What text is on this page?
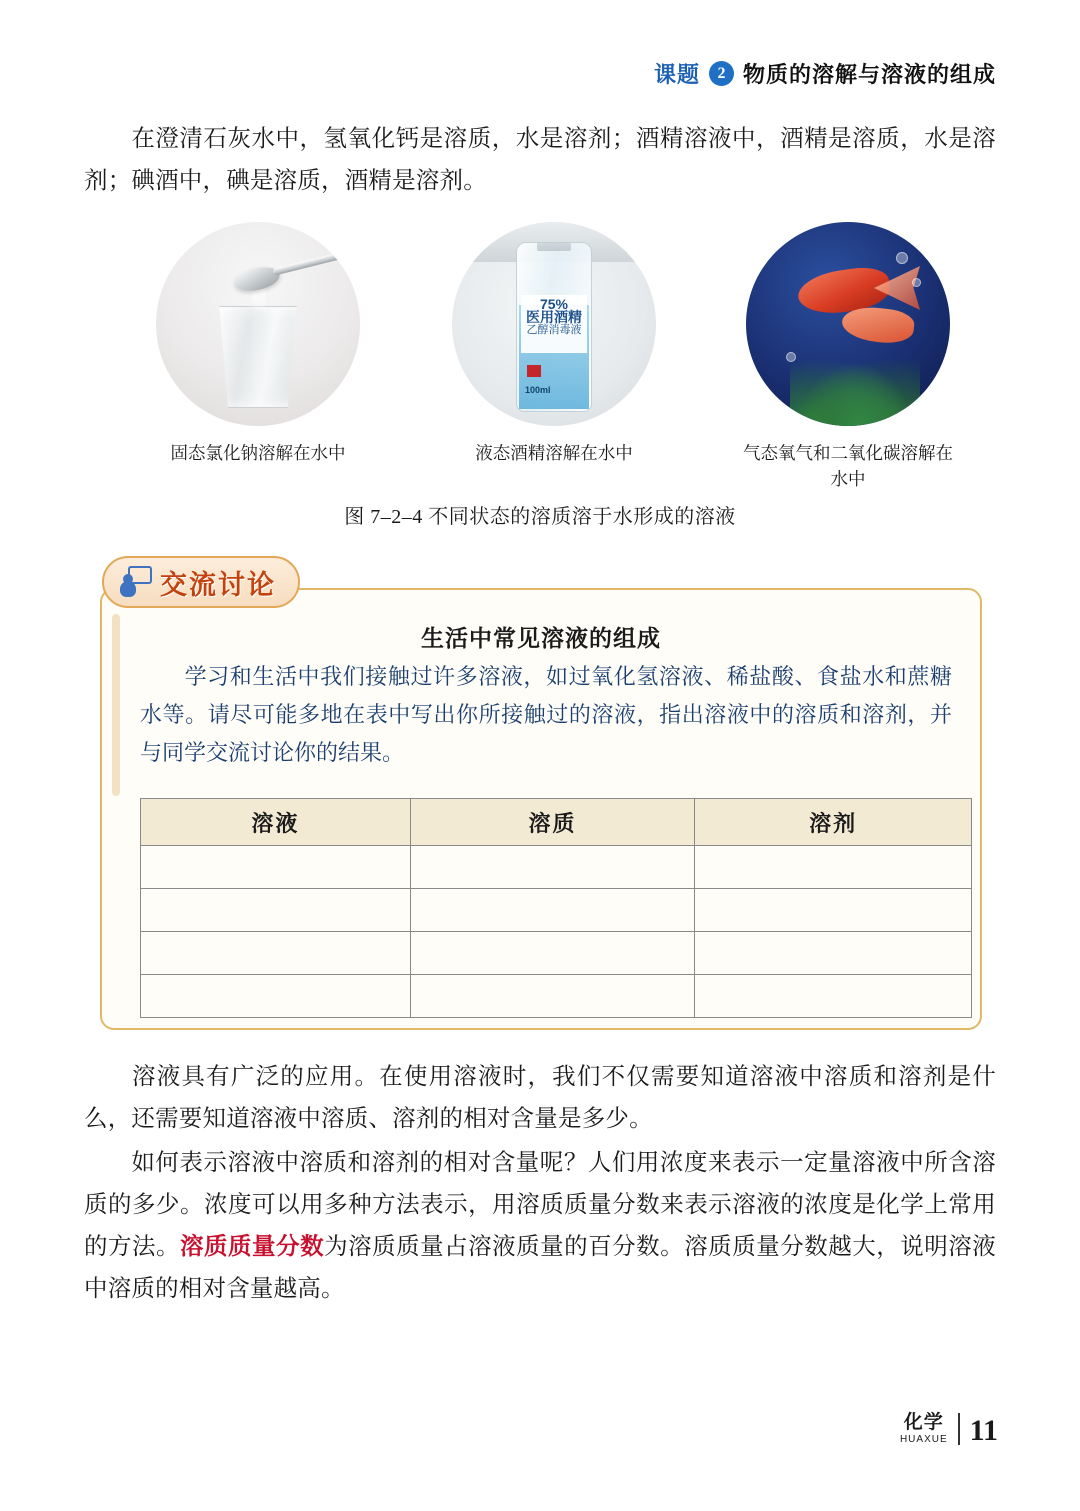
课题	2 物质的溶解与溶液的组成
在澄清石灰水中，氢氧化钙是溶质，水是溶剂；酒精溶液中，酒精是溶质，水是溶剂；碘酒中，碘是溶质，酒精是溶剂。
固态氯化钠溶解在水中
75%
医用酒精
乙醇消毒液
100ml
液态酒精溶解在水中	气态氧气和二氧化碳溶解在水中
图 7–2–4 不同状态的溶质溶于水形成的溶液
交流讨论
生活中常见溶液的组成
学习和生活中我们接触过许多溶液，如过氧化氢溶液、稀盐酸、食盐水和蔗糖水等。请尽可能多地在表中写出你所接触过的溶液，指出溶液中的溶质和溶剂，并与同学交流讨论你的结果。
溶液	溶质	溶剂

溶液具有广泛的应用。在使用溶液时，我们不仅需要知道溶液中溶质和溶剂是什么，还需要知道溶液中溶质、溶剂的相对含量是多少。
如何表示溶液中溶质和溶剂的相对含量呢？人们用浓度来表示一定量溶液中所含溶质的多少。浓度可以用多种方法表示，用溶质质量分数来表示溶液的浓度是化学上常用的方法。溶质质量分数为溶质质量占溶液质量的百分数。溶质质量分数越大，说明溶液中溶质的相对含量越高。
化学
HUAXUE 11
